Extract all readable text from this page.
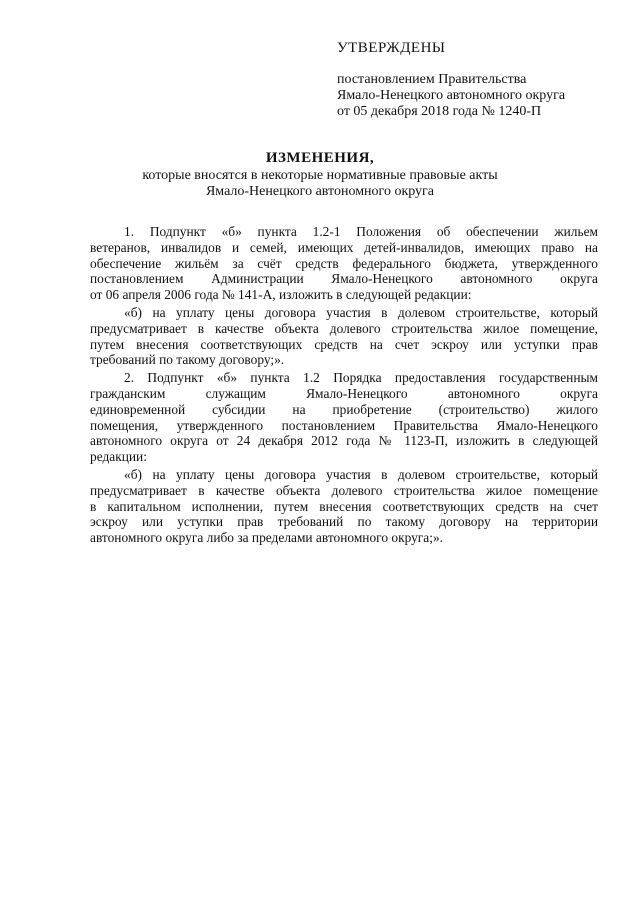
УТВЕРЖДЕНЫ
постановлением Правительства
Ямало-Ненецкого автономного округа
от 05 декабря 2018 года № 1240-П
ИЗМЕНЕНИЯ,
которые вносятся в некоторые нормативные правовые акты
Ямало-Ненецкого автономного округа
1. Подпункт «б» пункта 1.2-1 Положения об обеспечении жильем
ветеранов, инвалидов и семей, имеющих детей-инвалидов, имеющих право на
обеспечение жильём за счёт средств федерального бюджета, утвержденного
постановлением Администрации Ямало-Ненецкого автономного округа
от 06 апреля 2006 года № 141-А, изложить в следующей редакции:
«б) на уплату цены договора участия в долевом строительстве, который
предусматривает в качестве объекта долевого строительства жилое помещение,
путем внесения соответствующих средств на счет эскроу или уступки прав
требований по такому договору;».
2. Подпункт «б» пункта 1.2 Порядка предоставления государственным
гражданским служащим Ямало-Ненецкого автономного округа
единовременной субсидии на приобретение (строительство) жилого
помещения, утвержденного постановлением Правительства Ямало-Ненецкого
автономного округа от 24 декабря 2012 года № 1123-П, изложить в следующей
редакции:
«б) на уплату цены договора участия в долевом строительстве, который
предусматривает в качестве объекта долевого строительства жилое помещение
в капитальном исполнении, путем внесения соответствующих средств на счет
эскроу или уступки прав требований по такому договору на территории
автономного округа либо за пределами автономного округа;».
